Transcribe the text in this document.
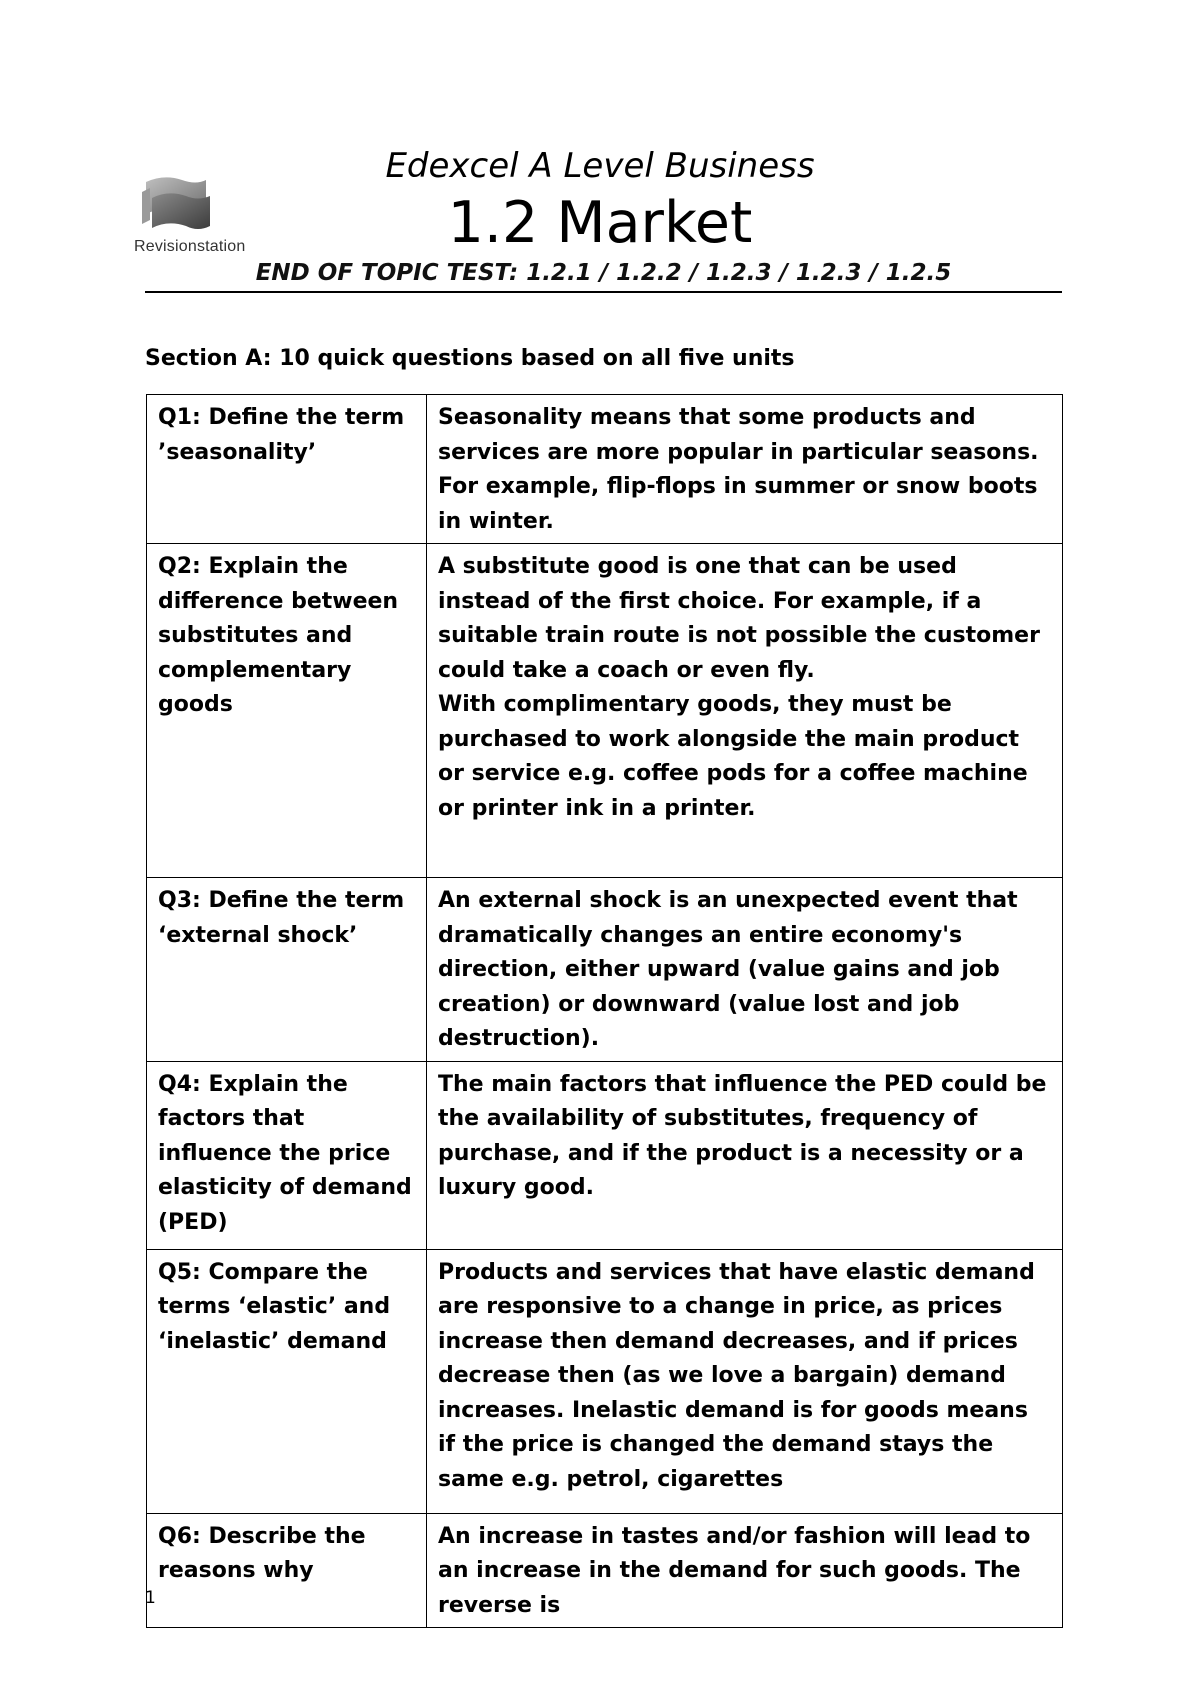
Revisionstation
Edexcel A Level Business
1.2 Market
END OF TOPIC TEST: 1.2.1 / 1.2.2 / 1.2.3 / 1.2.3 / 1.2.5
Section A: 10 quick questions based on all five units
Q1: Define the term ’seasonality’	Seasonality means that some products and services are more popular in particular seasons. For example, flip-flops in summer or snow boots in winter.
Q2: Explain the difference between substitutes and complementary goods	A substitute good is one that can be used instead of the first choice. For example, if a suitable train route is not possible the customer could take a coach or even fly.
With complimentary goods, they must be purchased to work alongside the main product or service e.g. coffee pods for a coffee machine or printer ink in a printer.
Q3: Define the term ‘external shock’	An external shock is an unexpected event that dramatically changes an entire economy's direction, either upward (value gains and job creation) or downward (value lost and job destruction).
Q4: Explain the factors that influence the price elasticity of demand (PED)	The main factors that influence the PED could be the availability of substitutes, frequency of purchase, and if the product is a necessity or a luxury good.
Q5: Compare the terms ‘elastic’ and ‘inelastic’ demand	Products and services that have elastic demand are responsive to a change in price, as prices increase then demand decreases, and if prices decrease then (as we love a bargain) demand increases. Inelastic demand is for goods means if the price is changed the demand stays the same e.g. petrol, cigarettes
Q6: Describe the reasons why	An increase in tastes and/or fashion will lead to an increase in the demand for such goods. The reverse is
1
